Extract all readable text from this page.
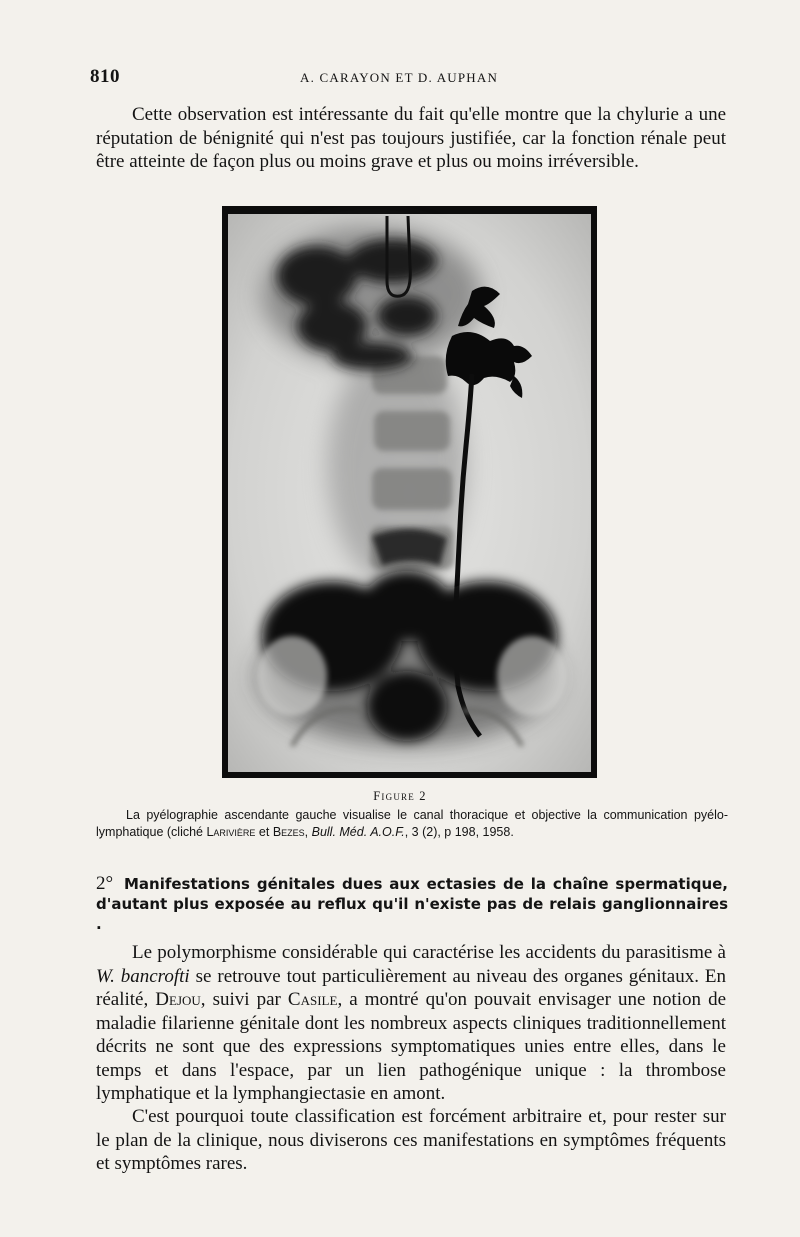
810	A. CARAYON ET D. AUPHAN

Cette observation est intéressante du fait qu'elle montre que la chylurie a une réputation de bénignité qui n'est pas toujours justifiée, car la fonction rénale peut être atteinte de façon plus ou moins grave et plus ou moins irréversible.

Figure 2

La pyélographie ascendante gauche visualise le canal thoracique et objective la communication pyélo-lymphatique (cliché Larivière et Bezes, Bull. Méd. A.O.F., 3 (2), p 198, 1958.

2° Manifestations génitales dues aux ectasies de la chaîne spermatique, d'autant plus exposée au reflux qu'il n'existe pas de relais ganglionnaires .

Le polymorphisme considérable qui caractérise les accidents du parasitisme à W. bancrofti se retrouve tout particulièrement au niveau des organes génitaux. En réalité, Dejou, suivi par Casile, a montré qu'on pouvait envisager une notion de maladie filarienne génitale dont les nombreux aspects cliniques traditionnellement décrits ne sont que des expressions symptomatiques unies entre elles, dans le temps et dans l'espace, par un lien pathogénique unique : la thrombose lymphatique et la lymphangiectasie en amont.

C'est pourquoi toute classification est forcément arbitraire et, pour rester sur le plan de la clinique, nous diviserons ces manifestations en symptômes fréquents et symptômes rares.
